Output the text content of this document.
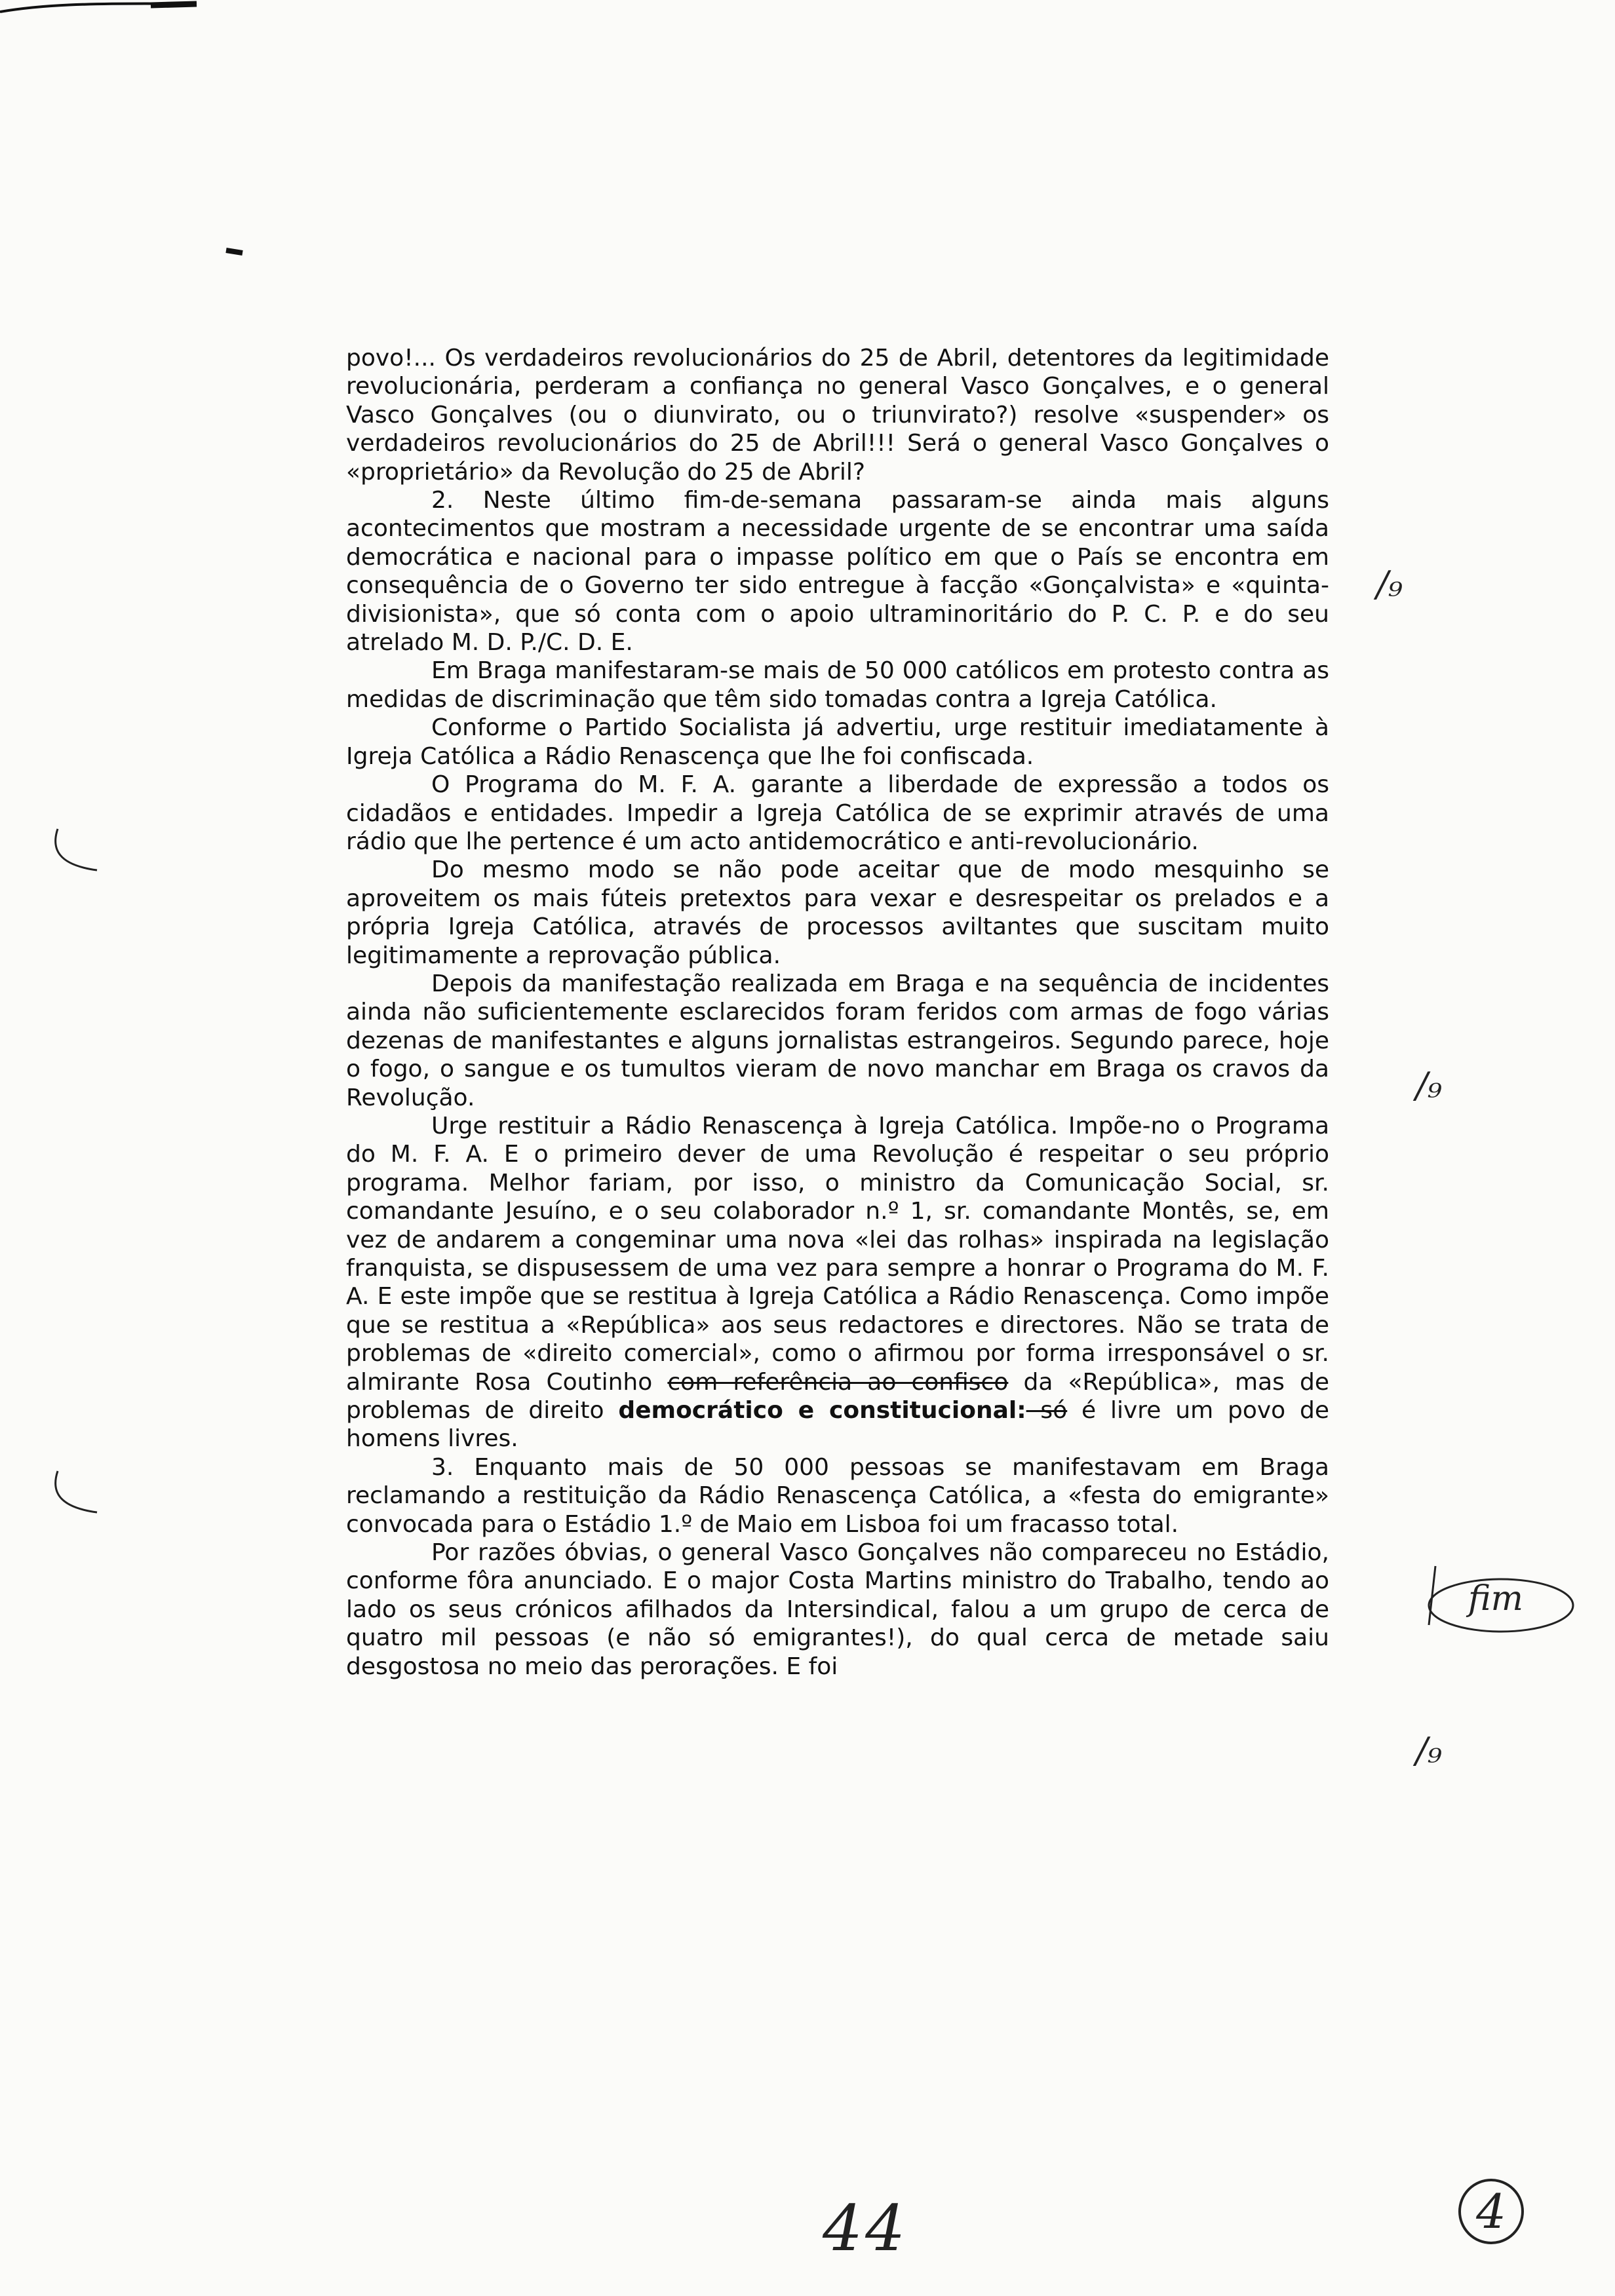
povo!... Os verdadeiros revolucionários do 25 de Abril, detentores da legitimidade revolucionária, perderam a confiança no general Vasco Gonçalves, e o general Vasco Gonçalves (ou o diunvirato, ou o triunvirato?) resolve «suspender» os verdadeiros revolucionários do 25 de Abril!!! Será o general Vasco Gonçalves o «proprietário» da Revolução do 25 de Abril?

2. Neste último fim-de-semana passaram-se ainda mais alguns acontecimentos que mostram a necessidade urgente de se encontrar uma saída democrática e nacional para o impasse político em que o País se encontra em consequência de o Governo ter sido entregue à facção «Gonçalvista» e «quinta-divisionista», que só conta com o apoio ultraminoritário do P. C. P. e do seu atrelado M. D. P./C. D. E.

Em Braga manifestaram-se mais de 50 000 católicos em protesto contra as medidas de discriminação que têm sido tomadas contra a Igreja Católica.

Conforme o Partido Socialista já advertiu, urge restituir imediatamente à Igreja Católica a Rádio Renascença que lhe foi confiscada.

O Programa do M. F. A. garante a liberdade de expressão a todos os cidadãos e entidades. Impedir a Igreja Católica de se exprimir através de uma rádio que lhe pertence é um acto antidemocrático e anti-revolucionário.

Do mesmo modo se não pode aceitar que de modo mesquinho se aproveitem os mais fúteis pretextos para vexar e desrespeitar os prelados e a própria Igreja Católica, através de processos aviltantes que suscitam muito legitimamente a reprovação pública.

Depois da manifestação realizada em Braga e na sequência de incidentes ainda não suficientemente esclarecidos foram feridos com armas de fogo várias dezenas de manifestantes e alguns jornalistas estrangeiros. Segundo parece, hoje o fogo, o sangue e os tumultos vieram de novo manchar em Braga os cravos da Revolução.

Urge restituir a Rádio Renascença à Igreja Católica. Impõe-no o Programa do M. F. A. E o primeiro dever de uma Revolução é respeitar o seu próprio programa. Melhor fariam, por isso, o ministro da Comunicação Social, sr. comandante Jesuíno, e o seu colaborador n.º 1, sr. comandante Montês, se, em vez de andarem a congeminar uma nova «lei das rolhas» inspirada na legislação franquista, se dispusessem de uma vez para sempre a honrar o Programa do M. F. A. E este impõe que se restitua à Igreja Católica a Rádio Renascença. Como impõe que se restitua a «República» aos seus redactores e directores. Não se trata de problemas de «direito comercial», como o afirmou por forma irresponsável o sr. almirante Rosa Coutinho com referência ao confisco da «República», mas de problemas de direito democrático e constitucional: só é livre um povo de homens livres.

3. Enquanto mais de 50 000 pessoas se manifestavam em Braga reclamando a restituição da Rádio Renascença Católica, a «festa do emigrante» convocada para o Estádio 1.º de Maio em Lisboa foi um fracasso total.

Por razões óbvias, o general Vasco Gonçalves não compareceu no Estádio, conforme fôra anunciado. E o major Costa Martins ministro do Trabalho, tendo ao lado os seus crónicos afilhados da Intersindical, falou a um grupo de cerca de quatro mil pessoas (e não só emigrantes!), do qual cerca de metade saiu desgostosa no meio das perorações. E foi

/₉
/₉
/₉
fim
44	4
